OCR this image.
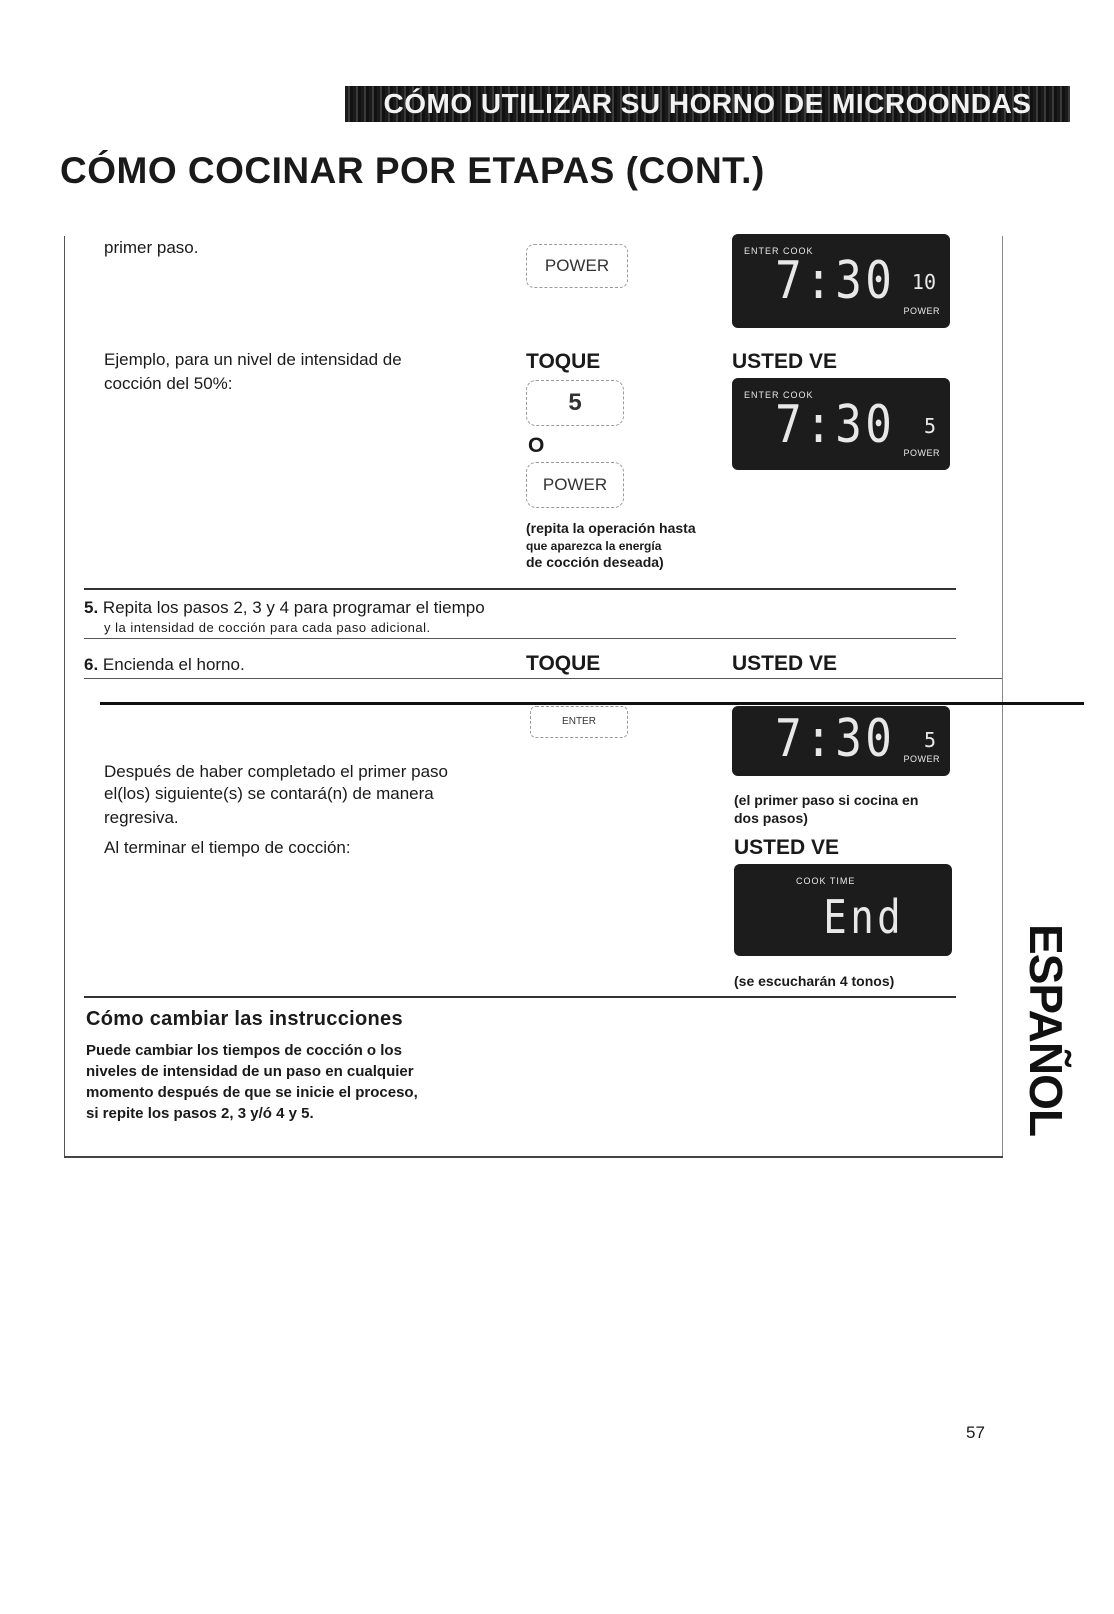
CÓMO UTILIZAR SU HORNO DE MICROONDAS
CÓMO COCINAR POR ETAPAS (CONT.)
primer paso.
POWER
ENTER COOK
7:30 10
POWER
Ejemplo, para un nivel de intensidad de cocción del 50%:
TOQUE	USTED VE
5
O
POWER
(repita la operación hasta
que aparezca la energía
de cocción deseada)
ENTER COOK
7:30 5
POWER
5. Repita los pasos 2, 3 y 4 para programar el tiempo
y la intensidad de cocción para cada paso adicional.
6. Encienda el horno.	TOQUE	USTED VE
ENTER	7:30 5
POWER
Después de haber completado el primer paso
el(los) siguiente(s) se contará(n) de manera
regresiva.
(el primer paso si cocina en
dos pasos)
Al terminar el tiempo de cocción:	USTED VE
COOK TIME
End
(se escucharán 4 tonos)
Cómo cambiar las instrucciones
Puede cambiar los tiempos de cocción o los
niveles de intensidad de un paso en cualquier
momento después de que se inicie el proceso,
si repite los pasos 2, 3 y/ó 4 y 5.	ESPAÑOL
57
